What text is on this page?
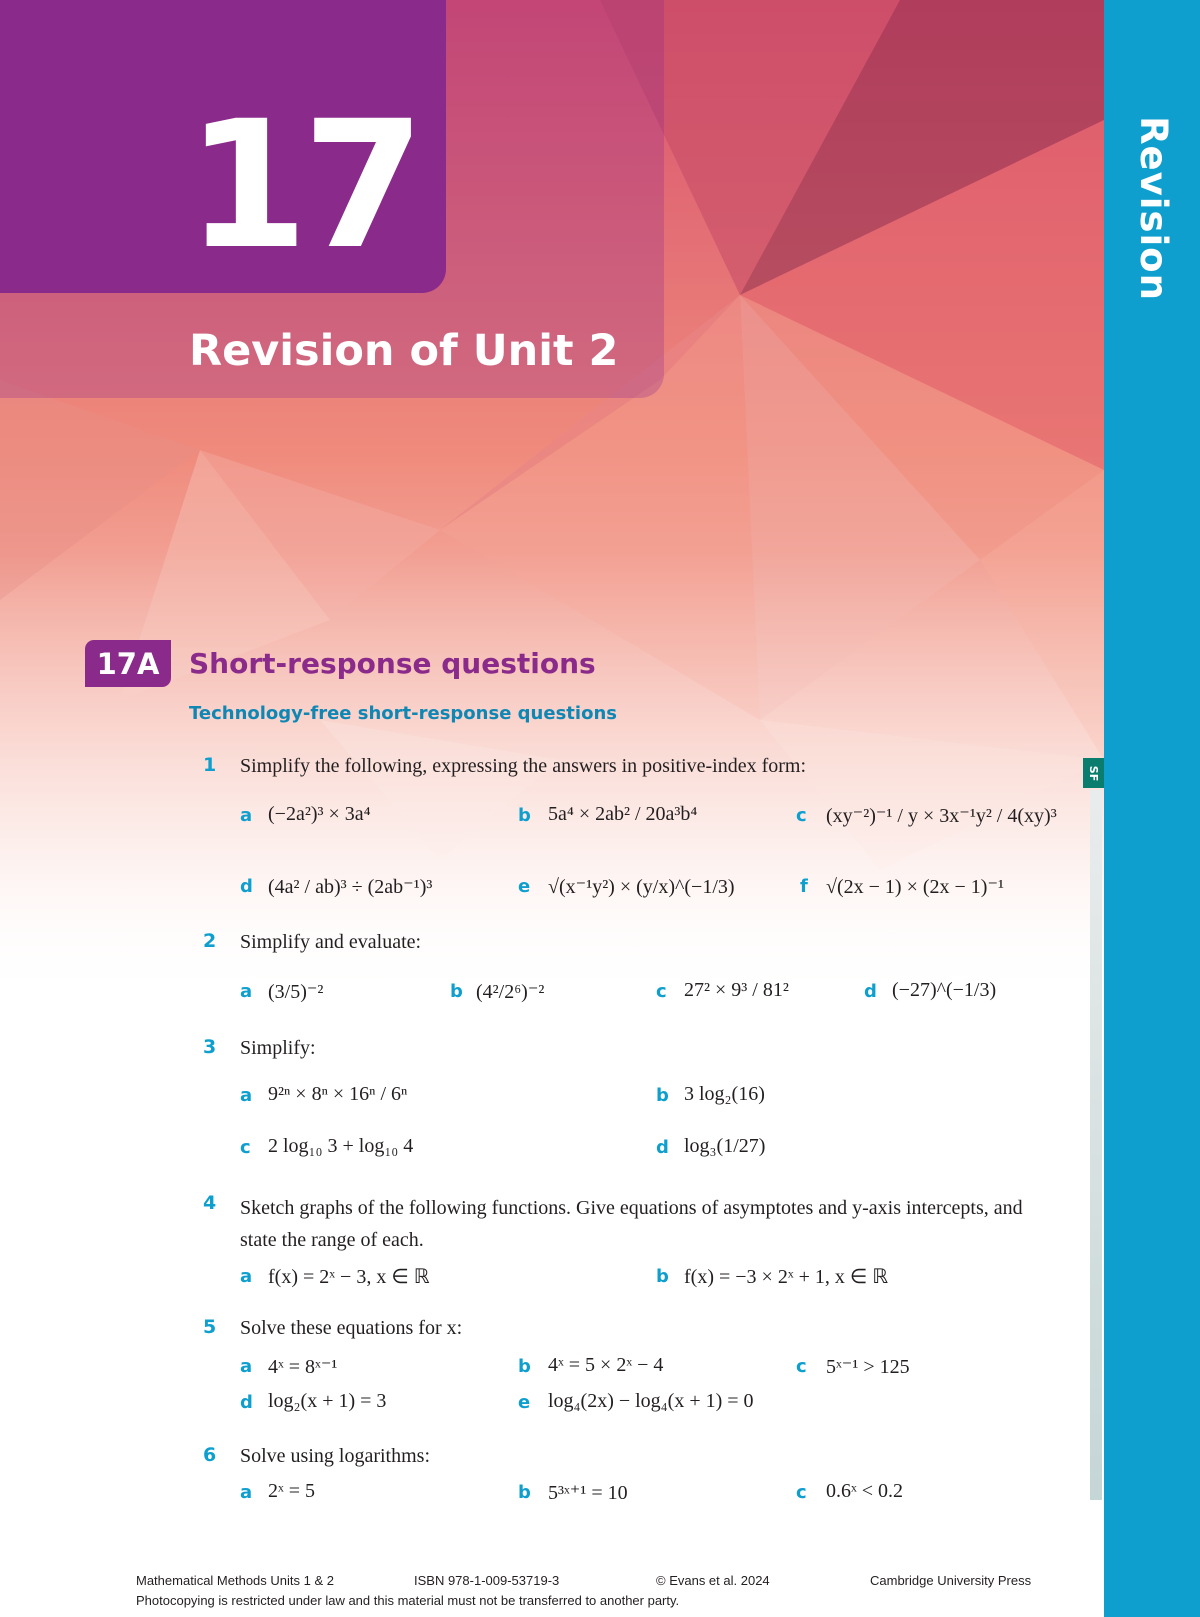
17
Revision of Unit 2
Revision
SF
17A	Short-response questions
Technology-free short-response questions
1 Simplify the following, expressing the answers in positive-index form:
a (−2a²)³ × 3a⁴	b 5a⁴ × 2ab² / 20a³b⁴	c (xy⁻²)⁻¹ / y × 3x⁻¹y² / 4(xy)³
d (4a² / ab)³ ÷ (2ab⁻¹)³	e √(x⁻¹y²) × (y/x)^(−1/3)	f √(2x − 1) × (2x − 1)⁻¹
2 Simplify and evaluate:
a (3/5)⁻²	b (4²/2⁶)⁻²	c 27² × 9³ / 81²	d (−27)^(−1/3)
3 Simplify:
a 9²ⁿ × 8ⁿ × 16ⁿ / 6ⁿ	b 3 log₂(16)
c 2 log₁₀ 3 + log₁₀ 4	d log₃(1/27)
4 Sketch graphs of the following functions. Give equations of asymptotes and y-axis intercepts, and state the range of each.
a f(x) = 2ˣ − 3, x ∈ ℝ	b f(x) = −3 × 2ˣ + 1, x ∈ ℝ
5 Solve these equations for x:
a 4ˣ = 8ˣ⁻¹	b 4ˣ = 5 × 2ˣ − 4	c 5ˣ⁻¹ > 125
d log₂(x + 1) = 3	e log₄(2x) − log₄(x + 1) = 0
6 Solve using logarithms:
a 2ˣ = 5	b 5³ˣ⁺¹ = 10	c 0.6ˣ < 0.2
Mathematical Methods Units 1 & 2	ISBN 978-1-009-53719-3	© Evans et al. 2024	Cambridge University Press
Photocopying is restricted under law and this material must not be transferred to another party.
